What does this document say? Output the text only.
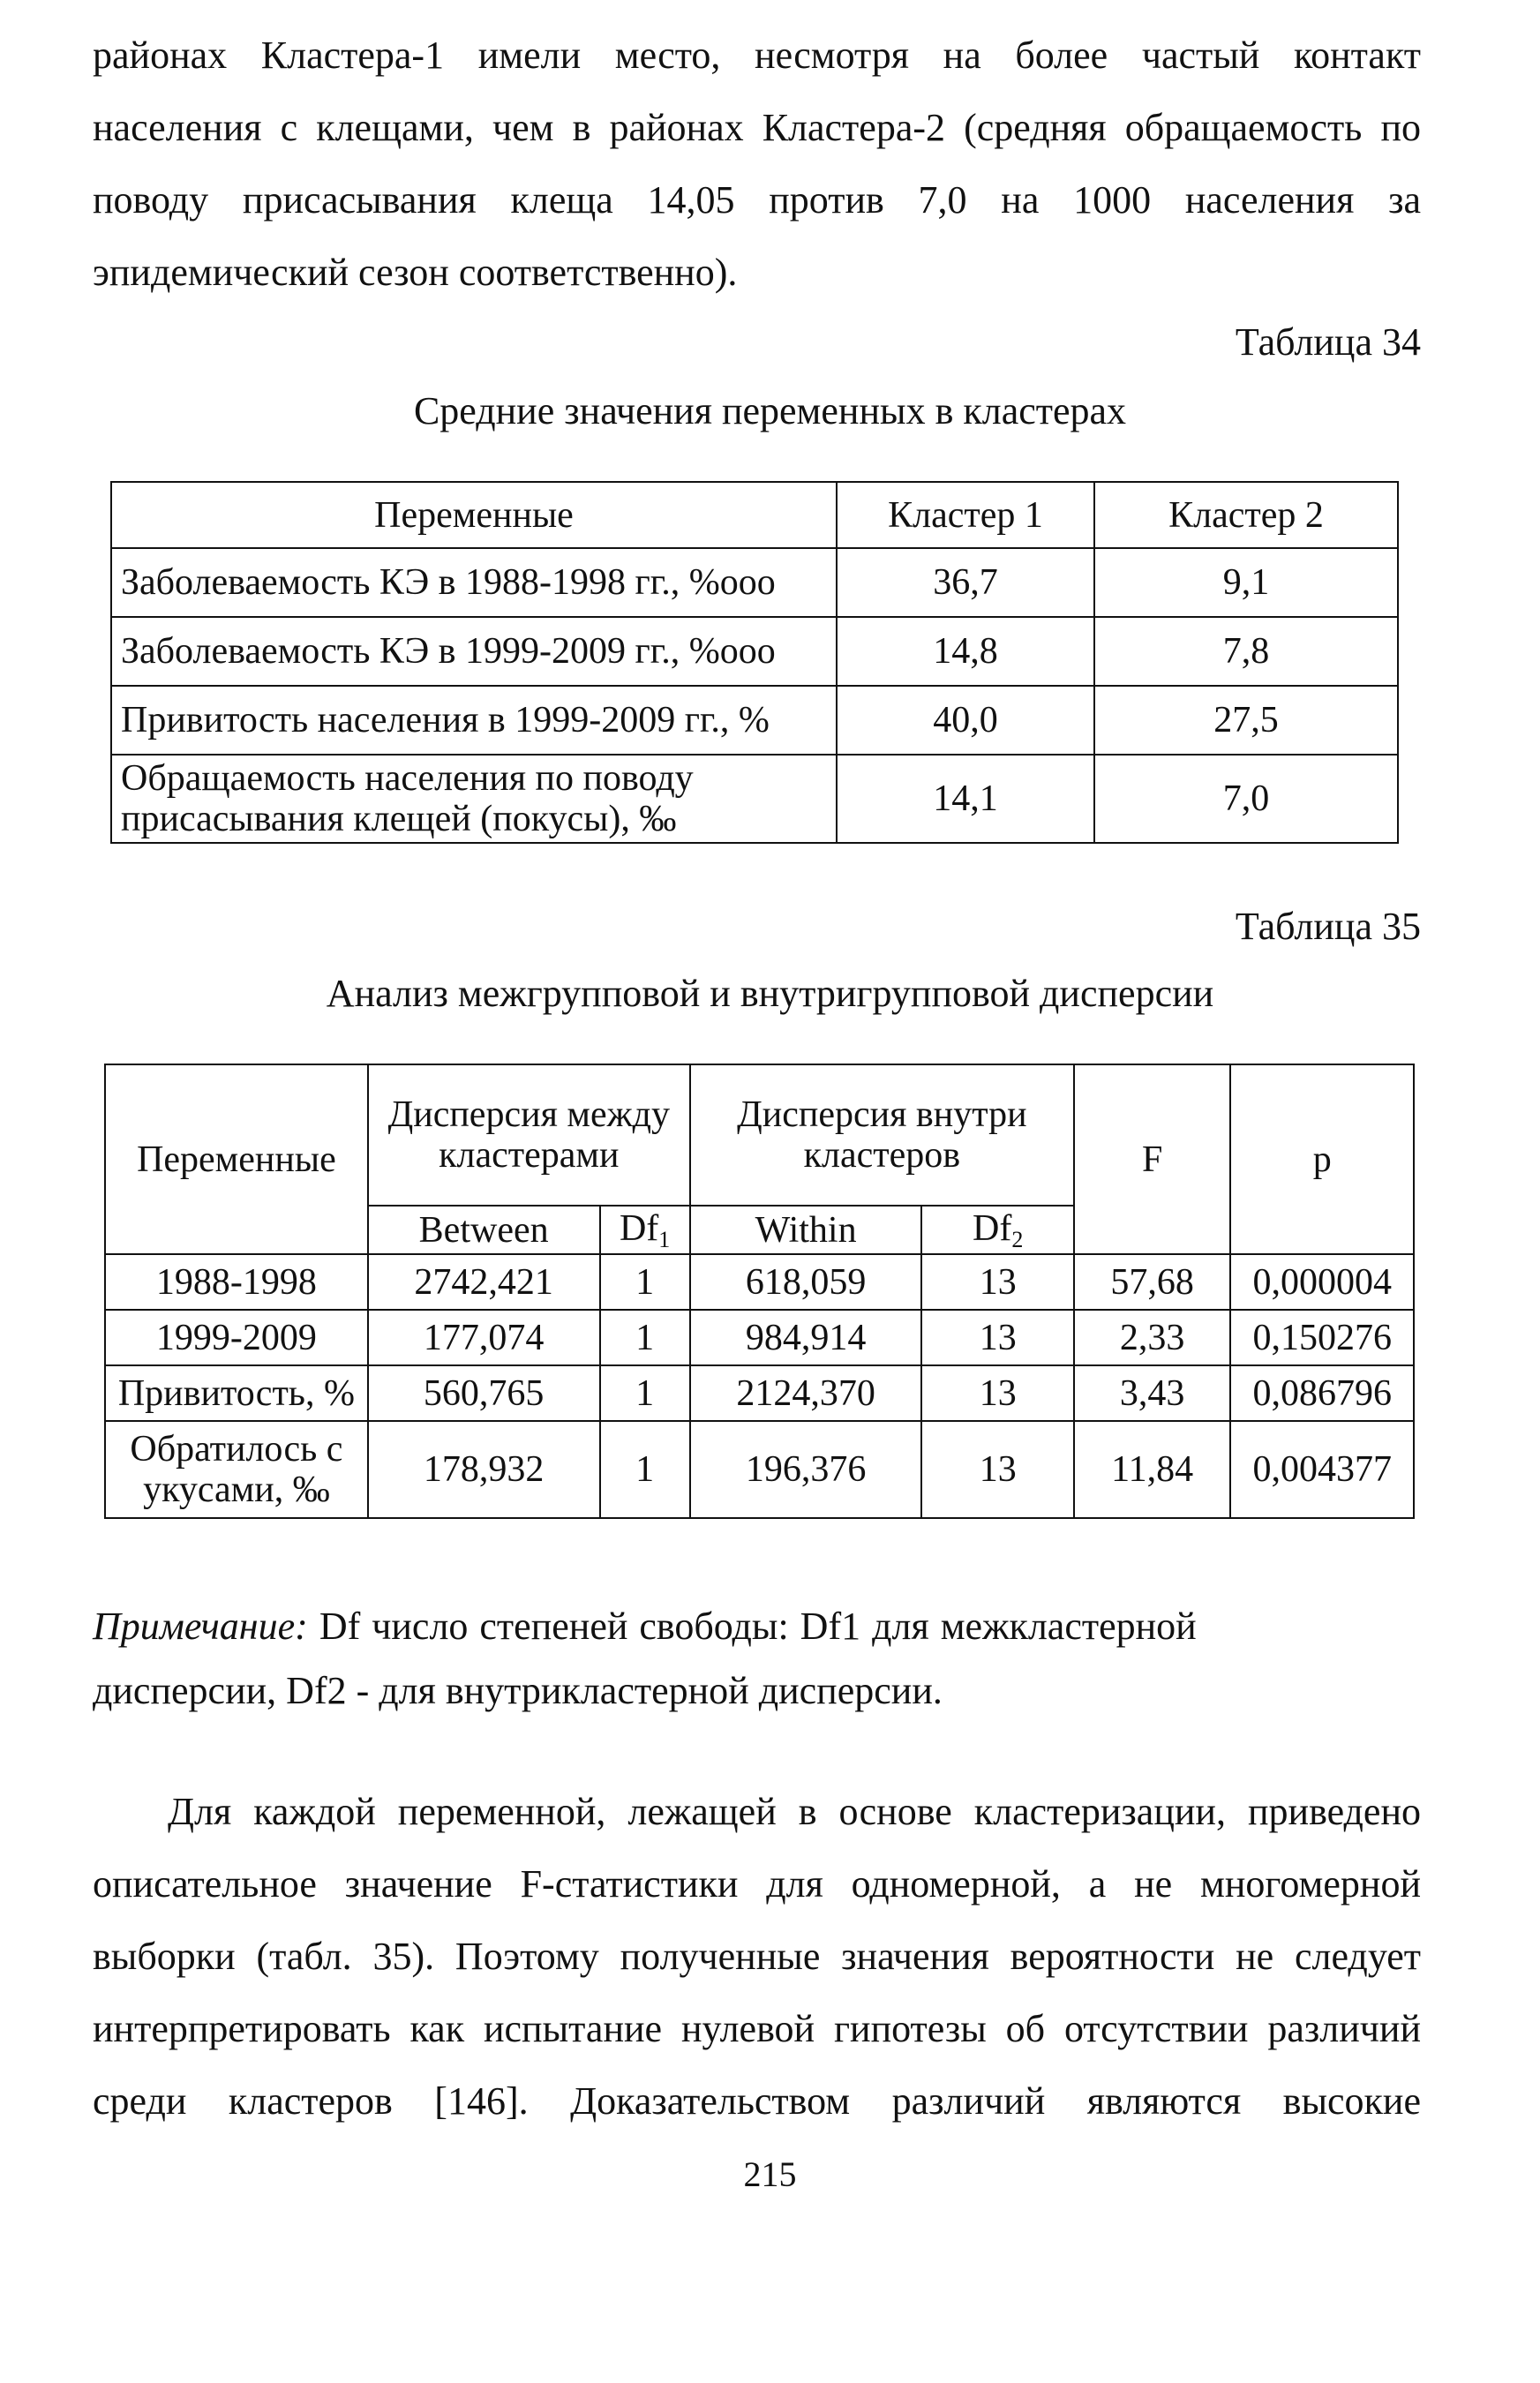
районах Кластера-1 имели место, несмотря на более частый контакт
населения с клещами, чем в районах Кластера-2 (средняя обращаемость по
поводу присасывания клеща 14,05 против 7,0 на 1000 населения за
эпидемический сезон соответственно).
Таблица 34
Средние значения переменных в кластерах
Переменные	Кластер 1	Кластер 2
Заболеваемость КЭ в 1988-1998 гг., %ooo	36,7	9,1
Заболеваемость КЭ в 1999-2009 гг., %ooo	14,8	7,8
Привитость населения в 1999-2009 гг., %	40,0	27,5
Обращаемость населения по поводу присасывания клещей (покусы), ‰	14,1	7,0
Таблица 35
Анализ межгрупповой и внутригрупповой дисперсии
Переменные	Дисперсия между кластерами		Дисперсия внутри кластеров		F	p
	Between	$Df_1$	Within	$Df_2$
1988-1998	2742,421	1	618,059	13	57,68	0,000004
1999-2009	177,074	1	984,914	13	2,33	0,150276
Привитость, %	560,765	1	2124,370	13	3,43	0,086796
Обратилось с укусами, ‰	178,932	1	196,376	13	11,84	0,004377
Примечание: Df число степеней свободы: Df1 для межкластерной
дисперсии, Df2 - для внутрикластерной дисперсии.
Для каждой переменной, лежащей в основе кластеризации, приведено
описательное значение F-статистики для одномерной, а не многомерной
выборки (табл. 35). Поэтому полученные значения вероятности не следует
интерпретировать как испытание нулевой гипотезы об отсутствии различий
среди кластеров [146]. Доказательством различий являются высокие
215
